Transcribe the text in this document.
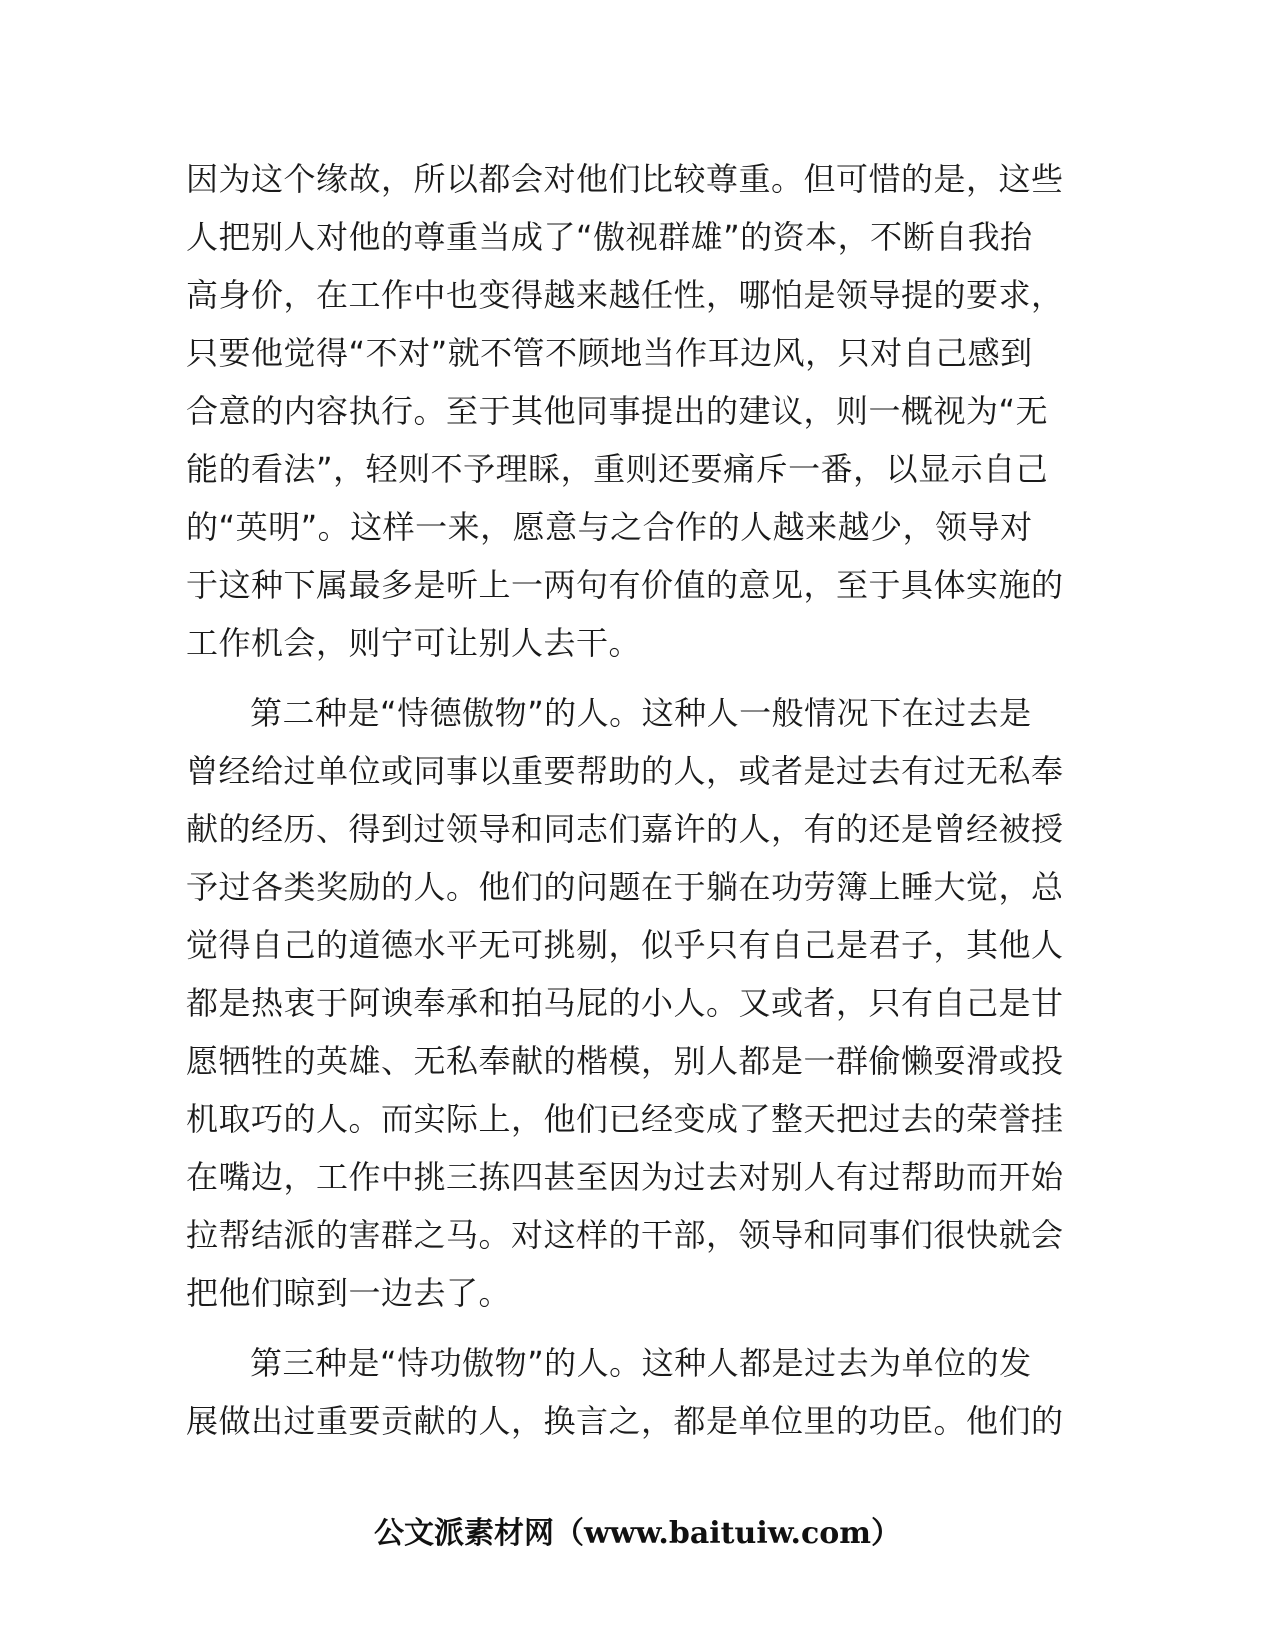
因为这个缘故，所以都会对他们比较尊重。但可惜的是，这些
人把别人对他的尊重当成了“傲视群雄”的资本，不断自我抬
高身价，在工作中也变得越来越任性，哪怕是领导提的要求，
只要他觉得“不对”就不管不顾地当作耳边风，只对自己感到
合意的内容执行。至于其他同事提出的建议，则一概视为“无
能的看法”，轻则不予理睬，重则还要痛斥一番，以显示自己
的“英明”。这样一来，愿意与之合作的人越来越少，领导对
于这种下属最多是听上一两句有价值的意见，至于具体实施的
工作机会，则宁可让别人去干。
第二种是“恃德傲物”的人。这种人一般情况下在过去是
曾经给过单位或同事以重要帮助的人，或者是过去有过无私奉
献的经历、得到过领导和同志们嘉许的人，有的还是曾经被授
予过各类奖励的人。他们的问题在于躺在功劳簿上睡大觉，总
觉得自己的道德水平无可挑剔，似乎只有自己是君子，其他人
都是热衷于阿谀奉承和拍马屁的小人。又或者，只有自己是甘
愿牺牲的英雄、无私奉献的楷模，别人都是一群偷懒耍滑或投
机取巧的人。而实际上，他们已经变成了整天把过去的荣誉挂
在嘴边，工作中挑三拣四甚至因为过去对别人有过帮助而开始
拉帮结派的害群之马。对这样的干部，领导和同事们很快就会
把他们晾到一边去了。
第三种是“恃功傲物”的人。这种人都是过去为单位的发
展做出过重要贡献的人，换言之，都是单位里的功臣。他们的
公文派素材网（www.baituiw.com）
